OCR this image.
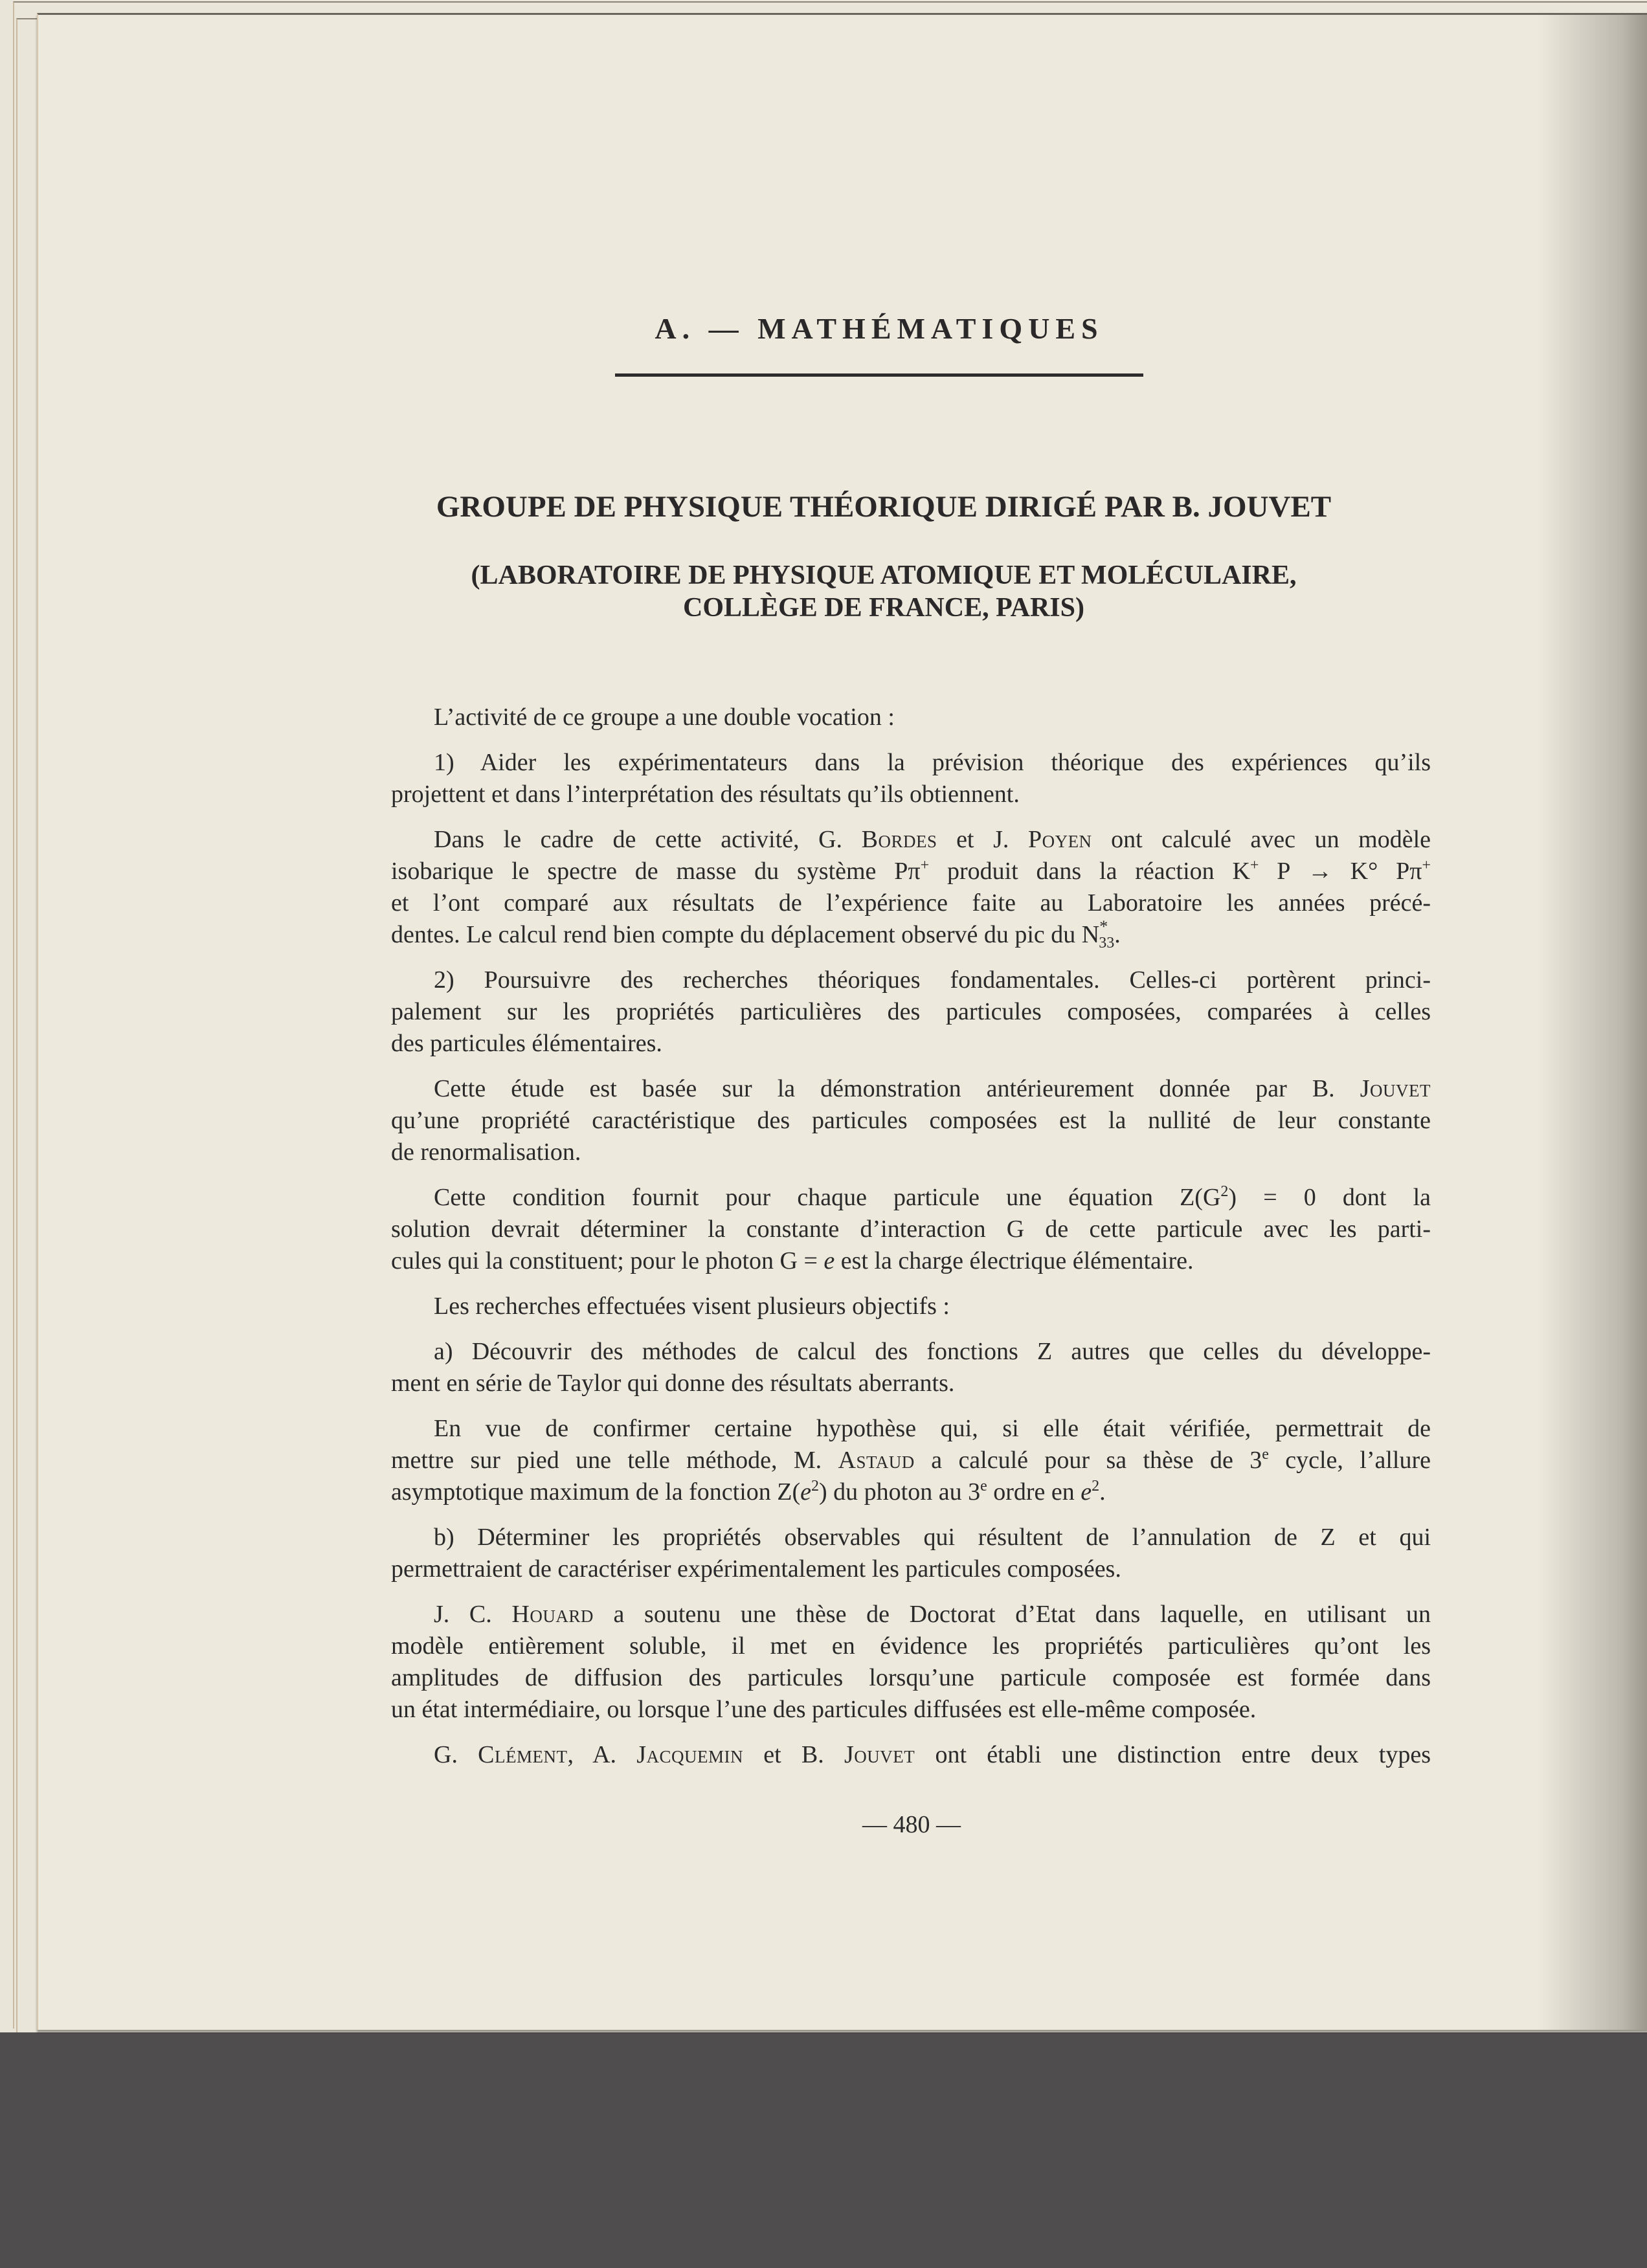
A. — MATHÉMATIQUES
GROUPE DE PHYSIQUE THÉORIQUE DIRIGÉ PAR B. JOUVET
(LABORATOIRE DE PHYSIQUE ATOMIQUE ET MOLÉCULAIRE,
COLLÈGE DE FRANCE, PARIS)
L’activité de ce groupe a une double vocation :
1) Aider les expérimentateurs dans la prévision théorique des expériences qu’ils
projettent et dans l’interprétation des résultats qu’ils obtiennent.
Dans le cadre de cette activité, G. Bordes et J. Poyen ont calculé avec un modèle
isobarique le spectre de masse du système Pπ+ produit dans la réaction K+ P → K° Pπ+
et l’ont comparé aux résultats de l’expérience faite au Laboratoire les années précé-
dentes. Le calcul rend bien compte du déplacement observé du pic du $N^*_{33}$.
2) Poursuivre des recherches théoriques fondamentales. Celles-ci portèrent princi-
palement sur les propriétés particulières des particules composées, comparées à celles
des particules élémentaires.
Cette étude est basée sur la démonstration antérieurement donnée par B. Jouvet
qu’une propriété caractéristique des particules composées est la nullité de leur constante
de renormalisation.
Cette condition fournit pour chaque particule une équation $Z(G^2) = 0$ dont la
solution devrait déterminer la constante d’interaction G de cette particule avec les parti-
cules qui la constituent; pour le photon G = e est la charge électrique élémentaire.
Les recherches effectuées visent plusieurs objectifs :
a) Découvrir des méthodes de calcul des fonctions Z autres que celles du développe-
ment en série de Taylor qui donne des résultats aberrants.
En vue de confirmer certaine hypothèse qui, si elle était vérifiée, permettrait de
mettre sur pied une telle méthode, M. Astaud a calculé pour sa thèse de 3e cycle, l’allure
asymptotique maximum de la fonction $Z(e^2)$ du photon au 3e ordre en $e^2$.
b) Déterminer les propriétés observables qui résultent de l’annulation de Z et qui
permettraient de caractériser expérimentalement les particules composées.
J. C. Houard a soutenu une thèse de Doctorat d’Etat dans laquelle, en utilisant un
modèle entièrement soluble, il met en évidence les propriétés particulières qu’ont les
amplitudes de diffusion des particules lorsqu’une particule composée est formée dans
un état intermédiaire, ou lorsque l’une des particules diffusées est elle-même composée.
G. Clément, A. Jacquemin et B. Jouvet ont établi une distinction entre deux types
— 480 —
